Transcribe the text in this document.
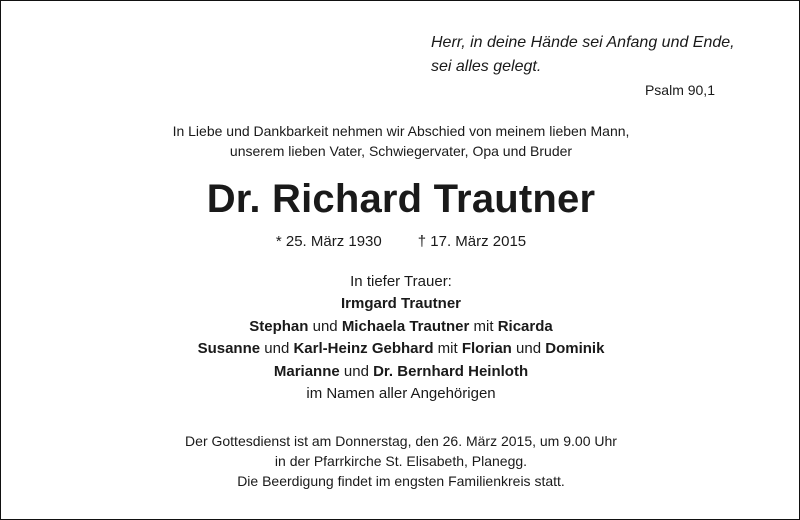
Herr, in deine Hände sei Anfang und Ende,
sei alles gelegt.
Psalm 90,1
In Liebe und Dankbarkeit nehmen wir Abschied von meinem lieben Mann,
unserem lieben Vater, Schwiegervater, Opa und Bruder
Dr. Richard Trautner
* 25. März 1930 † 17. März 2015
In tiefer Trauer:
Irmgard Trautner
Stephan und Michaela Trautner mit Ricarda
Susanne und Karl-Heinz Gebhard mit Florian und Dominik
Marianne und Dr. Bernhard Heinloth
im Namen aller Angehörigen
Der Gottesdienst ist am Donnerstag, den 26. März 2015, um 9.00 Uhr
in der Pfarrkirche St. Elisabeth, Planegg.
Die Beerdigung findet im engsten Familienkreis statt.
